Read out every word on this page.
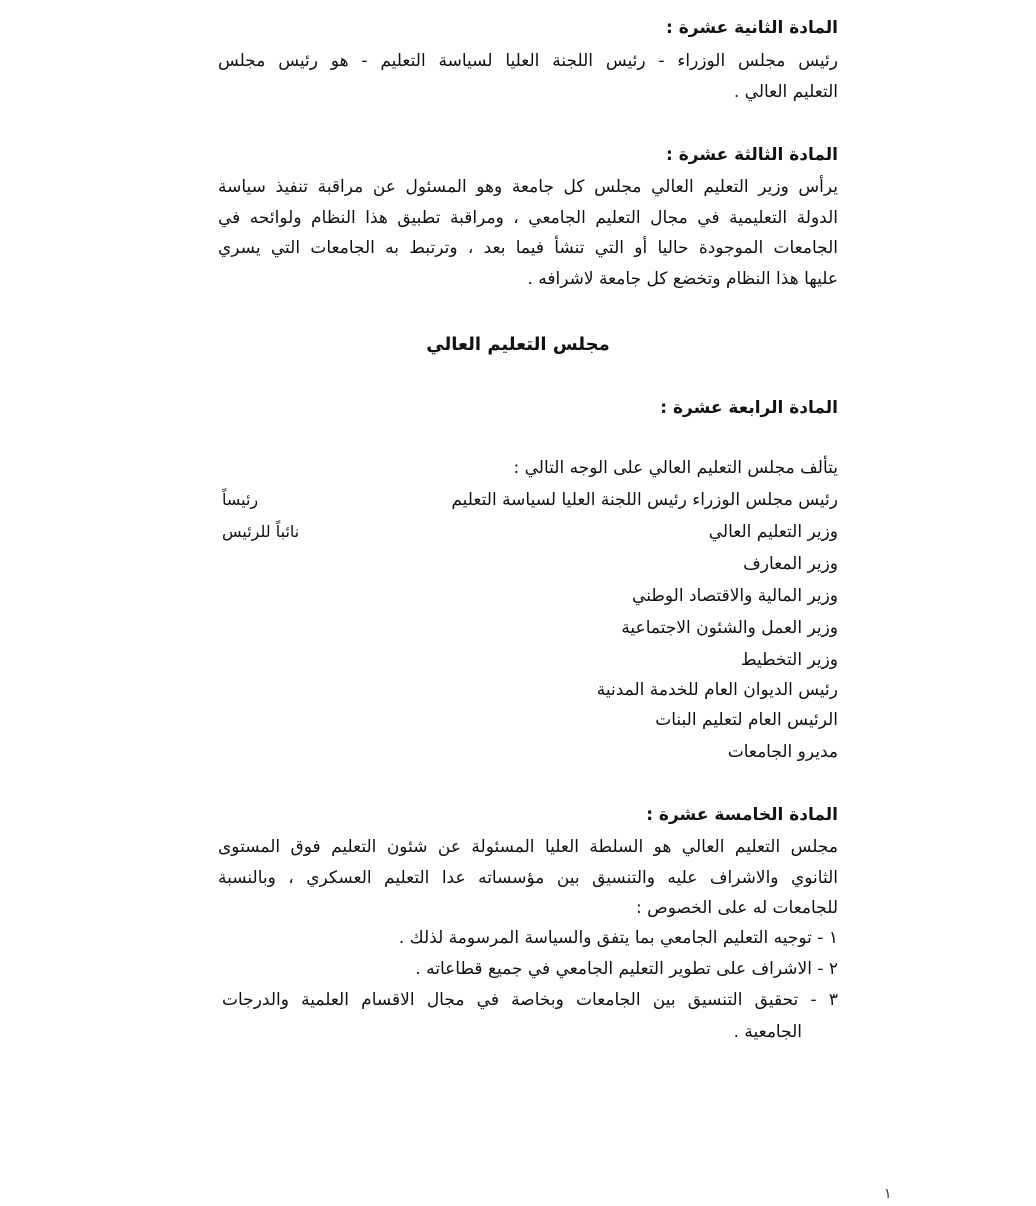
المادة الثانية عشرة :
رئيس مجلس الوزراء - رئيس اللجنة العليا لسياسة التعليم - هو رئيس مجلس
التعليم العالي .
المادة الثالثة عشرة :
يرأس وزير التعليم العالي مجلس كل جامعة وهو المسئول عن مراقبة تنفيذ سياسة
الدولة التعليمية في مجال التعليم الجامعي ، ومراقبة تطبيق هذا النظام ولوائحه في
الجامعات الموجودة حاليا أو التي تنشأ فيما بعد ، وترتبط به الجامعات التي يسري
عليها هذا النظام وتخضع كل جامعة لاشرافه .
مجلس التعليم العالي
المادة الرابعة عشرة :
يتألف مجلس التعليم العالي على الوجه التالي :
رئيس مجلس الوزراء رئيس اللجنة العليا لسياسة التعليم
رئيساً
وزير التعليم العالي
نائباً للرئيس
وزير المعارف
وزير المالية والاقتصاد الوطني
وزير العمل والشئون الاجتماعية
وزير التخطيط
رئيس الديوان العام للخدمة المدنية
الرئيس العام لتعليم البنات
مديرو الجامعات
المادة الخامسة عشرة :
مجلس التعليم العالي هو السلطة العليا المسئولة عن شئون التعليم فوق المستوى
الثانوي والاشراف عليه والتنسيق بين مؤسساته عدا التعليم العسكري ، وبالنسبة
للجامعات له على الخصوص :
١ - توجيه التعليم الجامعي بما يتفق والسياسة المرسومة لذلك .
٢ - الاشراف على تطوير التعليم الجامعي في جميع قطاعاته .
٣ - تحقيق التنسيق بين الجامعات وبخاصة في مجال الاقسام العلمية والدرجات
الجامعية .
١
